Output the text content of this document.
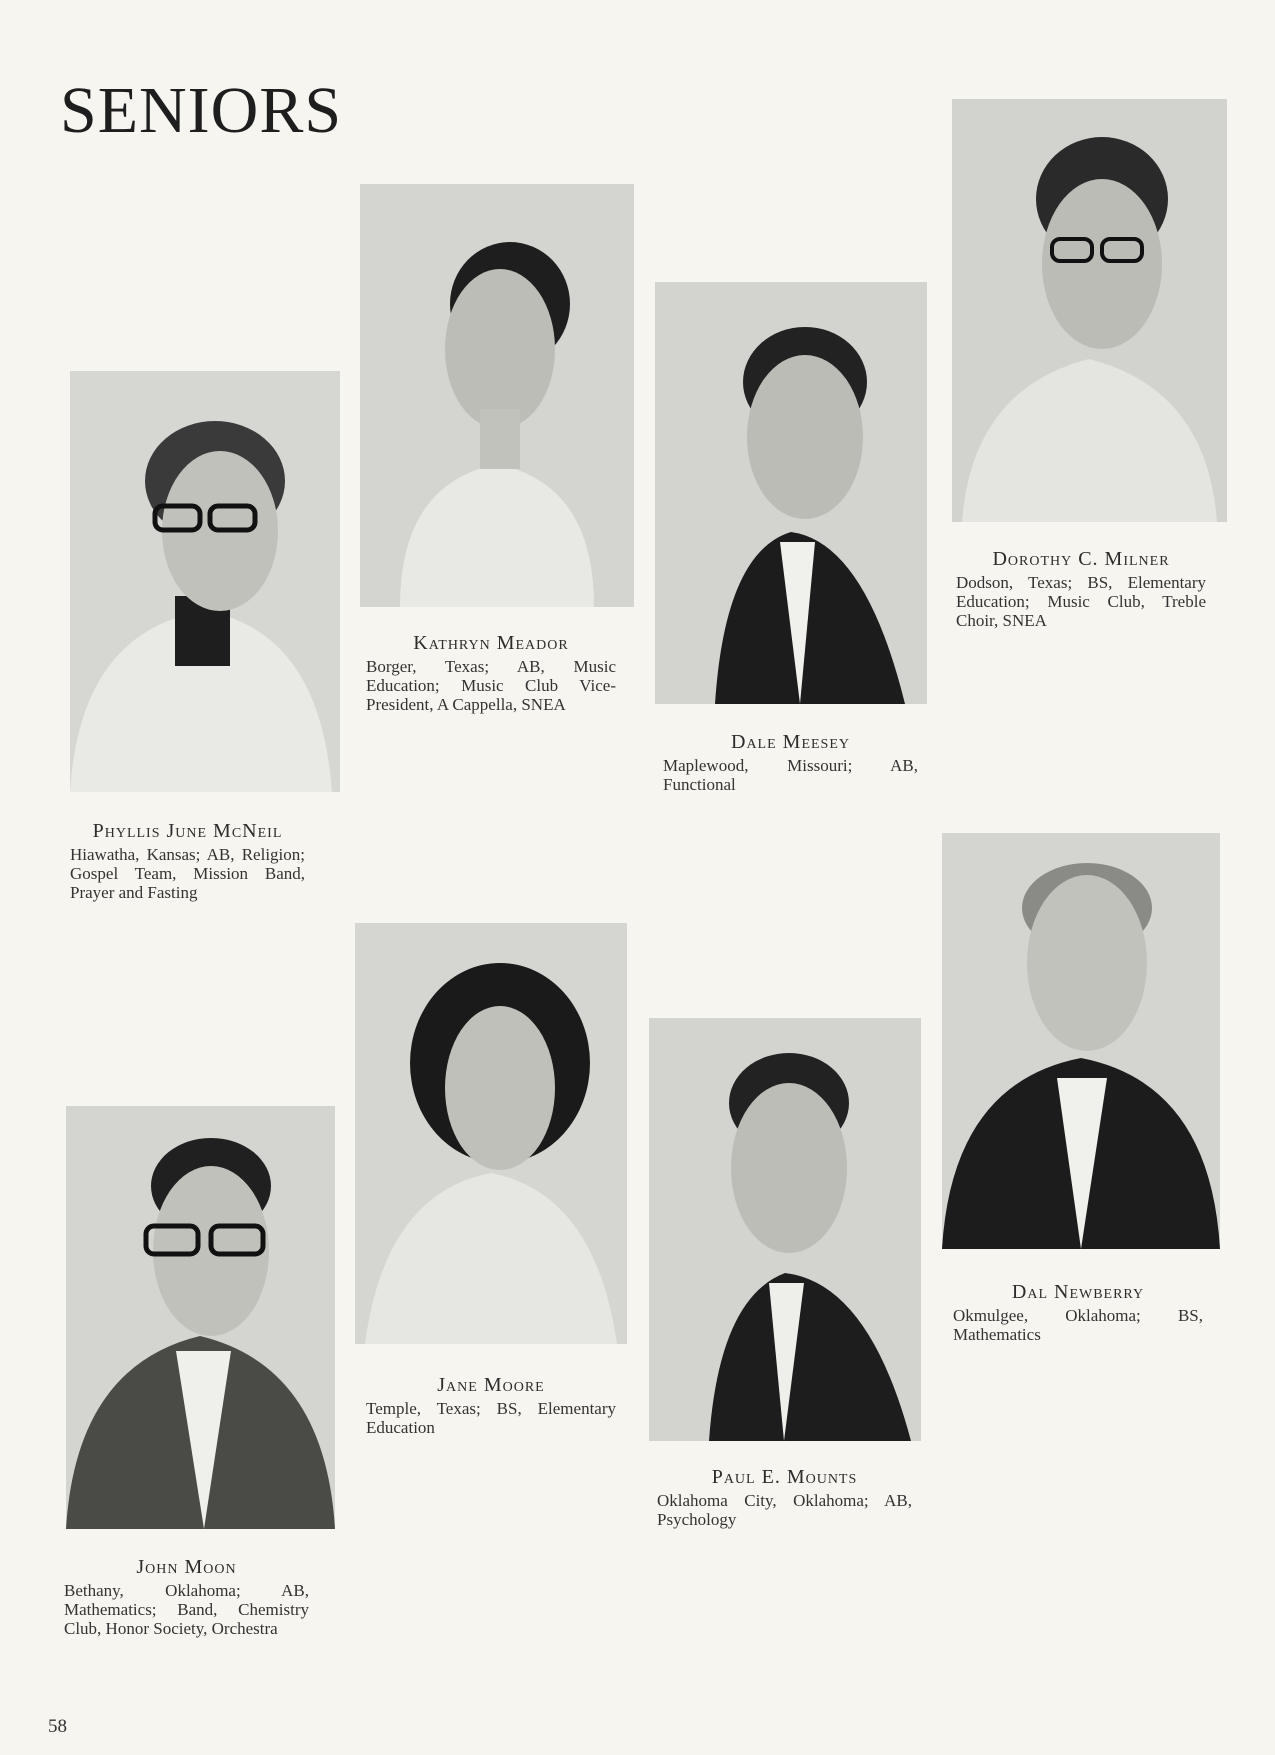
SENIORS
Kathryn Meador
Borger, Texas; AB, Music Education; Music Club Vice-President, A Cappella, SNEA
Dorothy C. Milner
Dodson, Texas; BS, Elementary Education; Music Club, Treble Choir, SNEA
Dale Meesey
Maplewood, Missouri; AB, Functional
Phyllis June McNeil
Hiawatha, Kansas; AB, Religion; Gospel Team, Mission Band, Prayer and Fasting
Jane Moore
Temple, Texas; BS, Elementary Education
Dal Newberry
Okmulgee, Oklahoma; BS, Mathematics
Paul E. Mounts
Oklahoma City, Oklahoma; AB, Psychology
John Moon
Bethany, Oklahoma; AB, Mathematics; Band, Chemistry Club, Honor Society, Orchestra
58
